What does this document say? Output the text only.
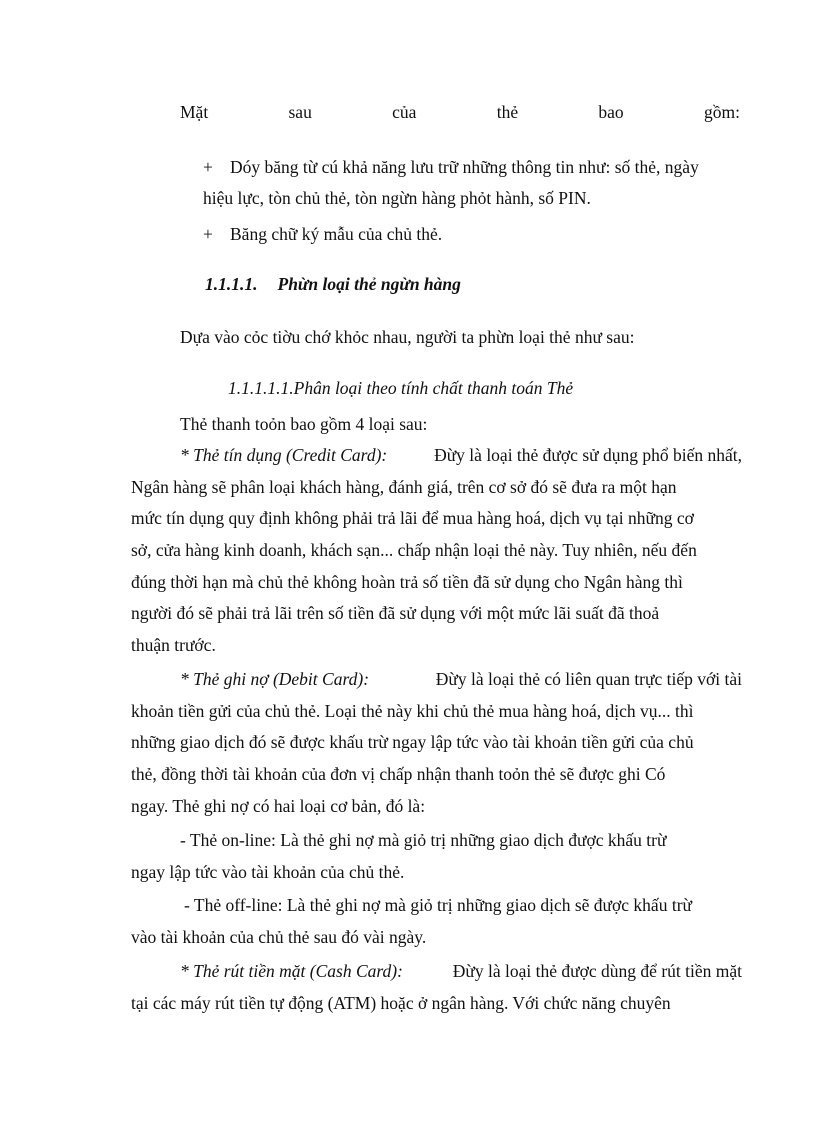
Mặt	sau	của	thẻ	bao	gồm:
+ Dóy băng từ cú khả năng lưu trữ những thông tin như: số thẻ, ngày
hiệu lực, tòn chủ thẻ, tòn ngừn hàng phỏt hành, số PIN.
+ Băng chữ ký mẫu của chủ thẻ.
1.1.1.1. Phừn loại thẻ ngừn hàng
Dựa vào cỏc tiờu chớ khỏc nhau, người ta phừn loại thẻ như sau:
1.1.1.1.1.Phân loại theo tính chất thanh toán Thẻ
Thẻ thanh toỏn bao gồm 4 loại sau:
* Thẻ tín dụng (Credit Card):	Đừy là loại thẻ được sử dụng phổ biến nhất,
Ngân hàng sẽ phân loại khách hàng, đánh giá, trên cơ sở đó sẽ đưa ra một hạn
mức tín dụng quy định không phải trả lãi để mua hàng hoá, dịch vụ tại những cơ
sở, cửa hàng kinh doanh, khách sạn... chấp nhận loại thẻ này. Tuy nhiên, nếu đến
đúng thời hạn mà chủ thẻ không hoàn trả số tiền đã sử dụng cho Ngân hàng thì
người đó sẽ phải trả lãi trên số tiền đã sử dụng với một mức lãi suất đã thoả
thuận trước.
* Thẻ ghi nợ (Debit Card):	Đừy là loại thẻ có liên quan trực tiếp với tài
khoản tiền gửi của chủ thẻ. Loại thẻ này khi chủ thẻ mua hàng hoá, dịch vụ... thì
những giao dịch đó sẽ được khấu trừ ngay lập tức vào tài khoản tiền gửi của chủ
thẻ, đồng thời tài khoản của đơn vị chấp nhận thanh toỏn thẻ sẽ được ghi Có
ngay. Thẻ ghi nợ có hai loại cơ bản, đó là:
- Thẻ on-line: Là thẻ ghi nợ mà giỏ trị những giao dịch được khấu trừ
ngay lập tức vào tài khoản của chủ thẻ.
- Thẻ off-line: Là thẻ ghi nợ mà giỏ trị những giao dịch sẽ được khấu trừ
vào tài khoản của chủ thẻ sau đó vài ngày.
* Thẻ rút tiền mặt (Cash Card):	Đừy là loại thẻ được dùng để rút tiền mặt
tại các máy rút tiền tự động (ATM) hoặc ở ngân hàng. Với chức năng chuyên
